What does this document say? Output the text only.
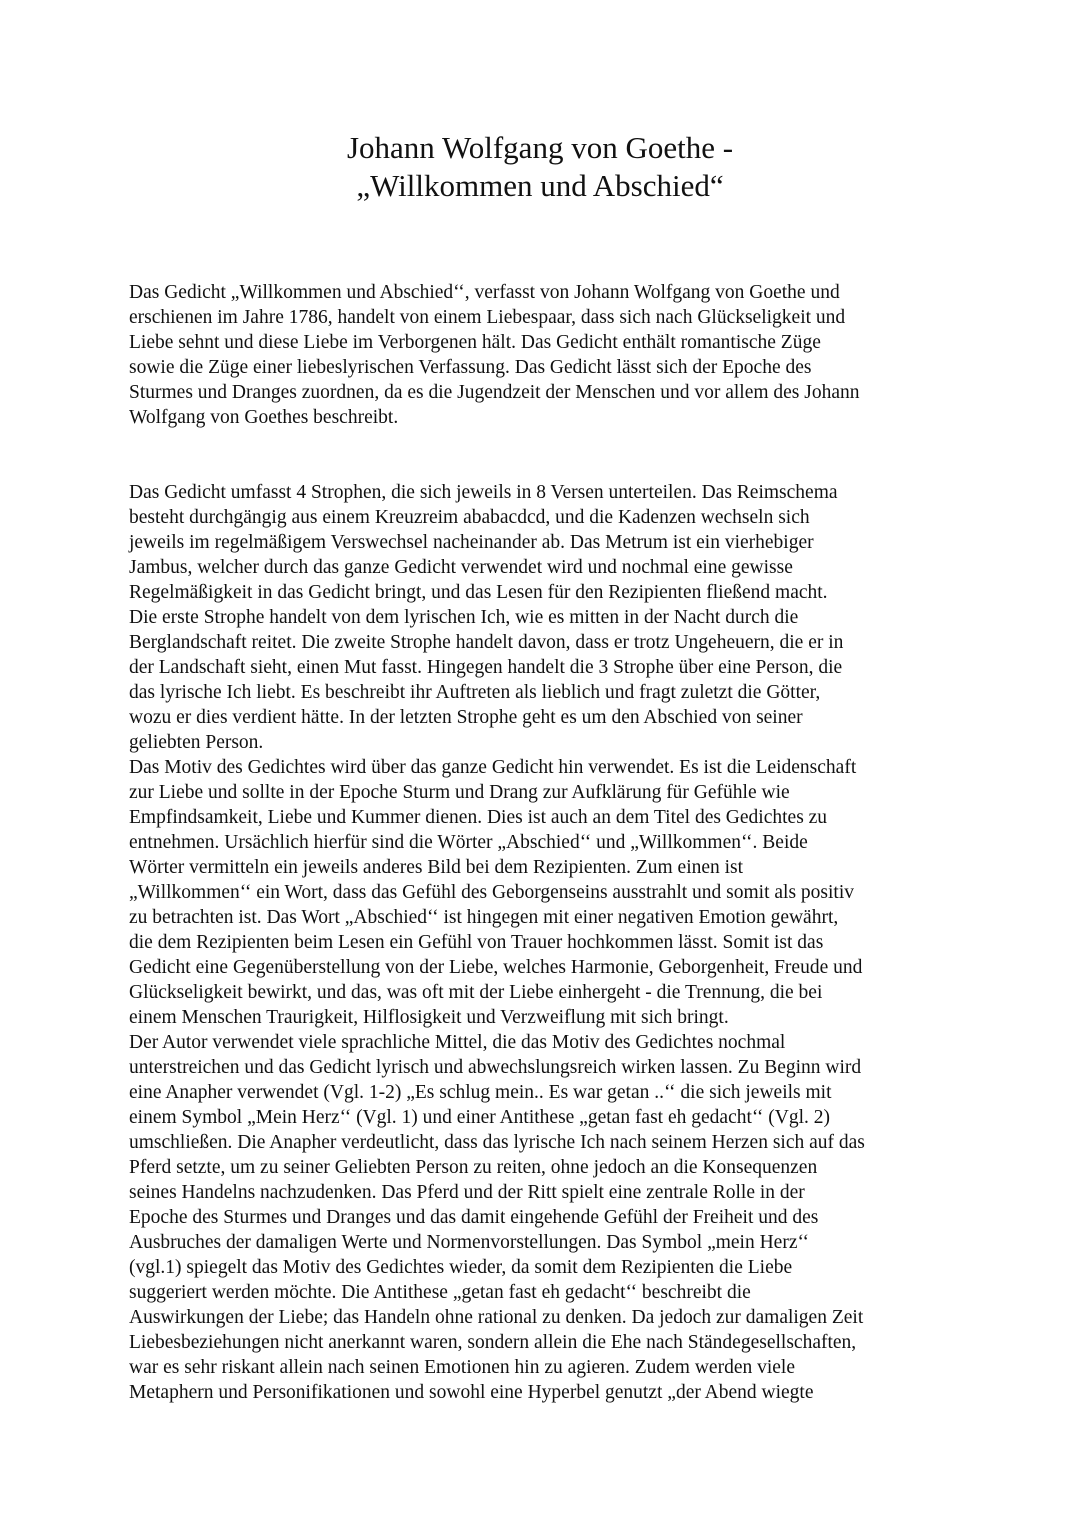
Johann Wolfgang von Goethe -
„Willkommen und Abschied“

Das Gedicht „Willkommen und Abschied‘‘, verfasst von Johann Wolfgang von Goethe und
erschienen im Jahre 1786, handelt von einem Liebespaar, dass sich nach Glückseligkeit und
Liebe sehnt und diese Liebe im Verborgenen hält. Das Gedicht enthält romantische Züge
sowie die Züge einer liebeslyrischen Verfassung. Das Gedicht lässt sich der Epoche des
Sturmes und Dranges zuordnen, da es die Jugendzeit der Menschen und vor allem des Johann
Wolfgang von Goethes beschreibt.

Das Gedicht umfasst 4 Strophen, die sich jeweils in 8 Versen unterteilen. Das Reimschema
besteht durchgängig aus einem Kreuzreim ababacdcd, und die Kadenzen wechseln sich
jeweils im regelmäßigem Verswechsel nacheinander ab. Das Metrum ist ein vierhebiger
Jambus, welcher durch das ganze Gedicht verwendet wird und nochmal eine gewisse
Regelmäßigkeit in das Gedicht bringt, und das Lesen für den Rezipienten fließend macht.
Die erste Strophe handelt von dem lyrischen Ich, wie es mitten in der Nacht durch die
Berglandschaft reitet. Die zweite Strophe handelt davon, dass er trotz Ungeheuern, die er in
der Landschaft sieht, einen Mut fasst. Hingegen handelt die 3 Strophe über eine Person, die
das lyrische Ich liebt. Es beschreibt ihr Auftreten als lieblich und fragt zuletzt die Götter,
wozu er dies verdient hätte. In der letzten Strophe geht es um den Abschied von seiner
geliebten Person.
Das Motiv des Gedichtes wird über das ganze Gedicht hin verwendet. Es ist die Leidenschaft
zur Liebe und sollte in der Epoche Sturm und Drang zur Aufklärung für Gefühle wie
Empfindsamkeit, Liebe und Kummer dienen. Dies ist auch an dem Titel des Gedichtes zu
entnehmen. Ursächlich hierfür sind die Wörter „Abschied‘‘ und „Willkommen‘‘. Beide
Wörter vermitteln ein jeweils anderes Bild bei dem Rezipienten. Zum einen ist
„Willkommen‘‘ ein Wort, dass das Gefühl des Geborgenseins ausstrahlt und somit als positiv
zu betrachten ist. Das Wort „Abschied‘‘ ist hingegen mit einer negativen Emotion gewährt,
die dem Rezipienten beim Lesen ein Gefühl von Trauer hochkommen lässt. Somit ist das
Gedicht eine Gegenüberstellung von der Liebe, welches Harmonie, Geborgenheit, Freude und
Glückseligkeit bewirkt, und das, was oft mit der Liebe einhergeht - die Trennung, die bei
einem Menschen Traurigkeit, Hilflosigkeit und Verzweiflung mit sich bringt.
Der Autor verwendet viele sprachliche Mittel, die das Motiv des Gedichtes nochmal
unterstreichen und das Gedicht lyrisch und abwechslungsreich wirken lassen. Zu Beginn wird
eine Anapher verwendet (Vgl. 1-2) „Es schlug mein.. Es war getan ..‘‘ die sich jeweils mit
einem Symbol „Mein Herz‘‘ (Vgl. 1) und einer Antithese „getan fast eh gedacht‘‘ (Vgl. 2)
umschließen. Die Anapher verdeutlicht, dass das lyrische Ich nach seinem Herzen sich auf das
Pferd setzte, um zu seiner Geliebten Person zu reiten, ohne jedoch an die Konsequenzen
seines Handelns nachzudenken. Das Pferd und der Ritt spielt eine zentrale Rolle in der
Epoche des Sturmes und Dranges und das damit eingehende Gefühl der Freiheit und des
Ausbruches der damaligen Werte und Normenvorstellungen. Das Symbol „mein Herz‘‘
(vgl.1) spiegelt das Motiv des Gedichtes wieder, da somit dem Rezipienten die Liebe
suggeriert werden möchte. Die Antithese „getan fast eh gedacht‘‘ beschreibt die
Auswirkungen der Liebe; das Handeln ohne rational zu denken. Da jedoch zur damaligen Zeit
Liebesbeziehungen nicht anerkannt waren, sondern allein die Ehe nach Ständegesellschaften,
war es sehr riskant allein nach seinen Emotionen hin zu agieren. Zudem werden viele
Metaphern und Personifikationen und sowohl eine Hyperbel genutzt „der Abend wiegte
